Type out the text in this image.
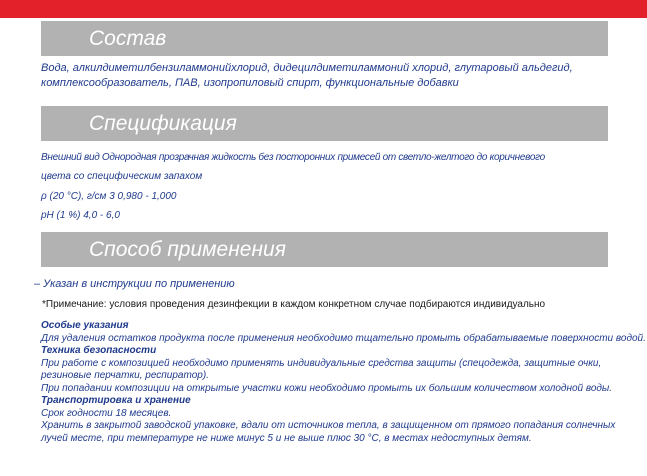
Состав
Вода, алкилдиметилбензиламмонийхлорид, дидецилдиметиламмоний хлорид, глутаровый альдегид,
комплексообразователь, ПАВ, изопропиловый спирт, функциональные добавки
Спецификация
Внешний вид Однородная прозрачная жидкость без посторонних примесей от светло-желтого до коричневого
цвета со специфическим запахом
ρ (20 °С), г/см 3 0,980 - 1,000
pH (1 %) 4,0 - 6,0
Способ применения
– Указан в инструкции по применению
*Примечание: условия проведения дезинфекции в каждом конкретном случае подбираются индивидуально
Особые указания
Для удаления остатков продукта после применения необходимо тщательно промыть обрабатываемые поверхности водой.
Техника безопасности
При работе с композицией необходимо применять индивидуальные средства защиты (спецодежда, защитные очки,
резиновые перчатки, респиратор).
При попадании композиции на открытые участки кожи необходимо промыть их большим количеством холодной воды.
Транспортировка и хранение
Срок годности 18 месяцев.
Хранить в закрытой заводской упаковке, вдали от источников тепла, в защищенном от прямого попадания солнечных
лучей месте, при температуре не ниже минус 5 и не выше плюс 30 °С, в местах недоступных детям.
